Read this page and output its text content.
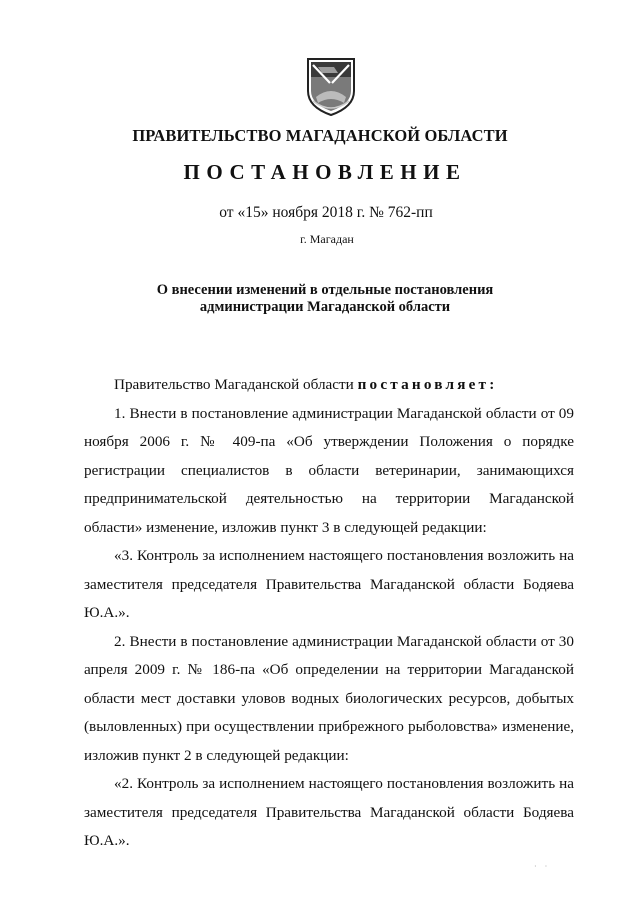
ПРАВИТЕЛЬСТВО МАГАДАНСКОЙ ОБЛАСТИ
ПОСТАНОВЛЕНИЕ
от «15» ноября 2018 г. № 762-пп
г. Магадан
О внесении изменений в отдельные постановления
администрации Магаданской области
Правительство Магаданской области постановляет:

1. Внести в постановление администрации Магаданской области от 09 ноября 2006 г. № 409-па «Об утверждении Положения о порядке регистрации специалистов в области ветеринарии, занимающихся предпринимательской деятельностью на территории Магаданской области» изменение, изложив пункт 3 в следующей редакции:

«3. Контроль за исполнением настоящего постановления возложить на заместителя председателя Правительства Магаданской области Бодяева Ю.А.».

2. Внести в постановление администрации Магаданской области от 30 апреля 2009 г. № 186-па «Об определении на территории Магаданской области мест доставки уловов водных биологических ресурсов, добытых (выловленных) при осуществлении прибрежного рыболовства» изменение, изложив пункт 2 в следующей редакции:

«2. Контроль за исполнением настоящего постановления возложить на заместителя председателя Правительства Магаданской области Бодяева Ю.А.».

· ·
